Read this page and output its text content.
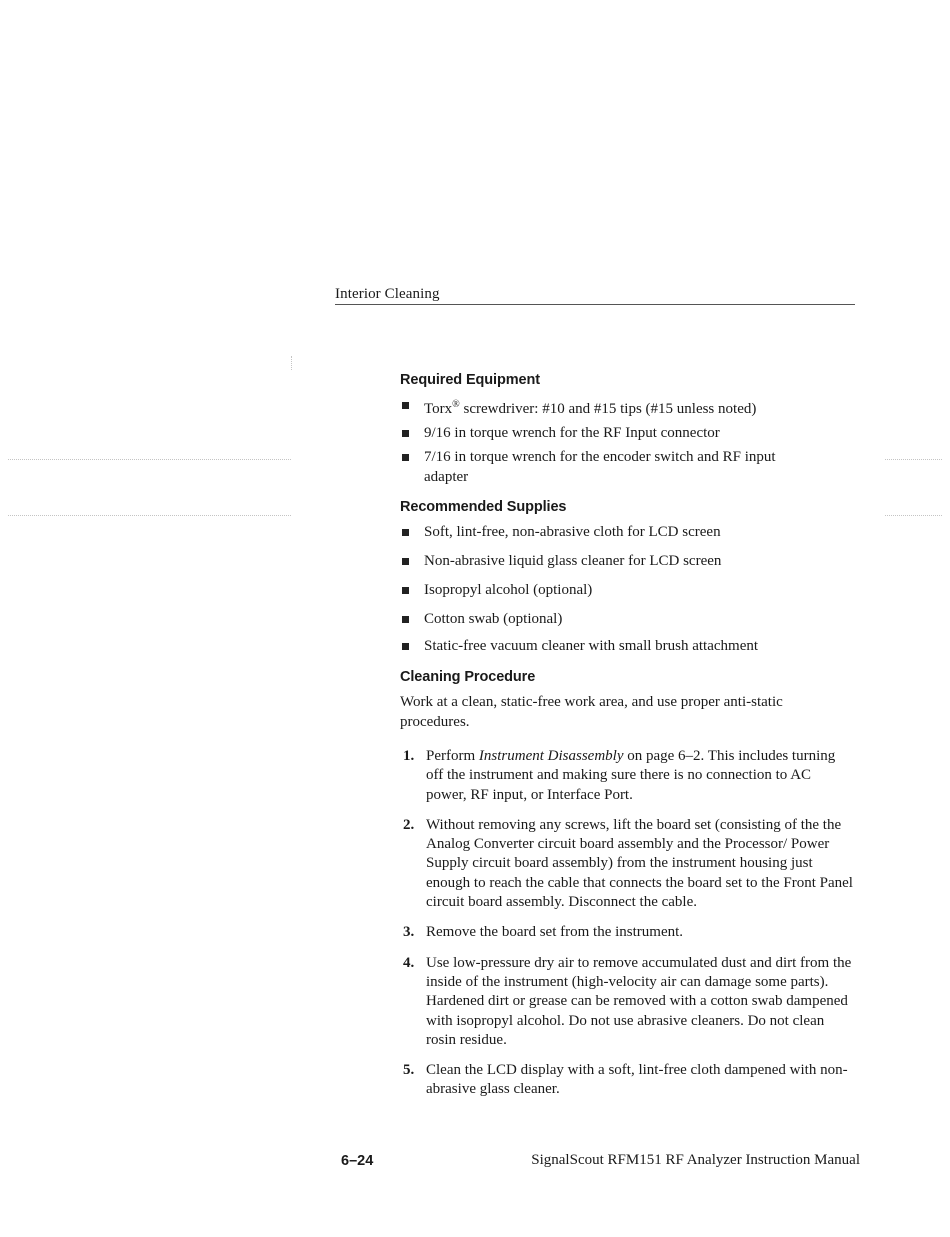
Interior Cleaning
Required Equipment
Torx® screwdriver: #10 and #15 tips (#15 unless noted)
9/16 in torque wrench for the RF Input connector
7/16 in torque wrench for the encoder switch and RF input adapter
Recommended Supplies
Soft, lint-free, non-abrasive cloth for LCD screen
Non-abrasive liquid glass cleaner for LCD screen
Isopropyl alcohol (optional)
Cotton swab (optional)
Static-free vacuum cleaner with small brush attachment
Cleaning Procedure

Work at a clean, static-free work area, and use proper anti-static procedures.

1. Perform Instrument Disassembly on page 6–2. This includes turning off the instrument and making sure there is no connection to AC power, RF input, or Interface Port.
2. Without removing any screws, lift the board set (consisting of the the Analog Converter circuit board assembly and the Processor/ Power Supply circuit board assembly) from the instrument housing just enough to reach the cable that connects the board set to the Front Panel circuit board assembly. Disconnect the cable.
3. Remove the board set from the instrument.
4. Use low-pressure dry air to remove accumulated dust and dirt from the inside of the instrument (high-velocity air can damage some parts). Hardened dirt or grease can be removed with a cotton swab dampened with isopropyl alcohol. Do not use abrasive cleaners. Do not clean rosin residue.
5. Clean the LCD display with a soft, lint-free cloth dampened with non-abrasive glass cleaner.
6–24	SignalScout RFM151 RF Analyzer Instruction Manual
